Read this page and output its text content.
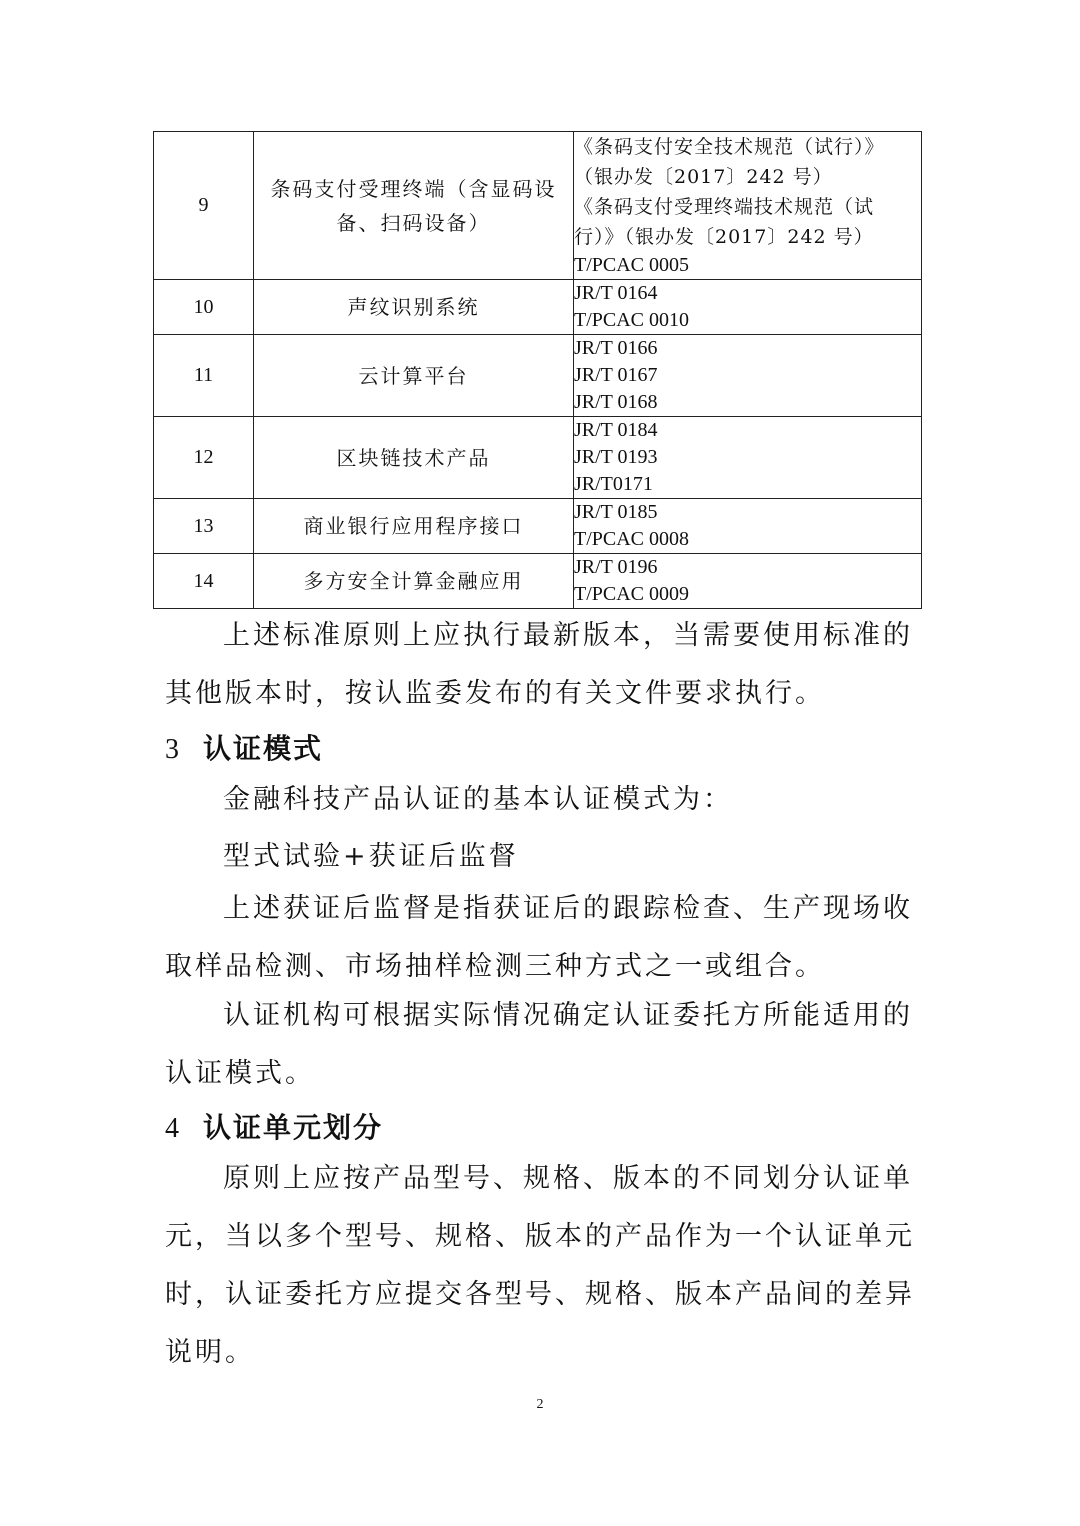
9	条码支付受理终端（含显码设备、扫码设备）	《条码支付安全技术规范（试行）》
（银办发〔2017〕242 号）
《条码支付受理终端技术规范（试
行）》（银办发〔2017〕242 号）
T/PCAC 0005

10	声纹识别系统	JR/T 0164
T/PCAC 0010

11	云计算平台	JR/T 0166
JR/T 0167
JR/T 0168

12	区块链技术产品	JR/T 0184
JR/T 0193
JR/T0171

13	商业银行应用程序接口	JR/T 0185
T/PCAC 0008

14	多方安全计算金融应用	JR/T 0196
T/PCAC 0009
上述标准原则上应执行最新版本，当需要使用标准的其他版本时，按认监委发布的有关文件要求执行。
3 认证模式
金融科技产品认证的基本认证模式为：
型式试验+获证后监督
上述获证后监督是指获证后的跟踪检查、生产现场收取样品检测、市场抽样检测三种方式之一或组合。
认证机构可根据实际情况确定认证委托方所能适用的认证模式。
4 认证单元划分
原则上应按产品型号、规格、版本的不同划分认证单元，当以多个型号、规格、版本的产品作为一个认证单元时，认证委托方应提交各型号、规格、版本产品间的差异说明。
2
